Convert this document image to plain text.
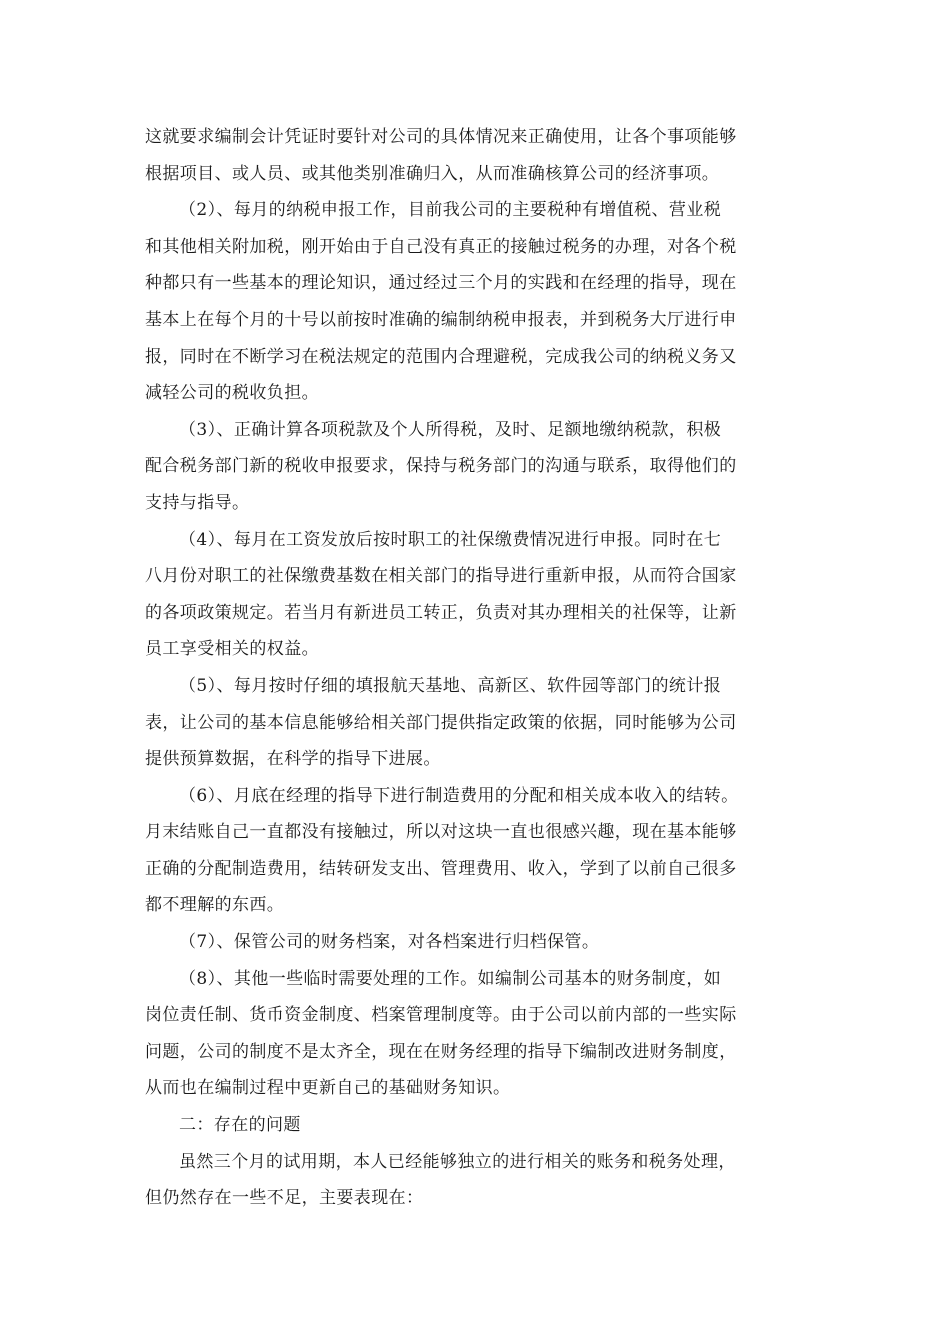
这就要求编制会计凭证时要针对公司的具体情况来正确使用，让各个事项能够
根据项目、或人员、或其他类别准确归入，从而准确核算公司的经济事项。

（2）、每月的纳税申报工作，目前我公司的主要税种有增值税、营业税
和其他相关附加税，刚开始由于自己没有真正的接触过税务的办理，对各个税
种都只有一些基本的理论知识，通过经过三个月的实践和在经理的指导，现在
基本上在每个月的十号以前按时准确的编制纳税申报表，并到税务大厅进行申
报，同时在不断学习在税法规定的范围内合理避税，完成我公司的纳税义务又
减轻公司的税收负担。

（3）、正确计算各项税款及个人所得税，及时、足额地缴纳税款，积极
配合税务部门新的税收申报要求，保持与税务部门的沟通与联系，取得他们的
支持与指导。

（4）、每月在工资发放后按时职工的社保缴费情况进行申报。同时在七
八月份对职工的社保缴费基数在相关部门的指导进行重新申报，从而符合国家
的各项政策规定。若当月有新进员工转正，负责对其办理相关的社保等，让新
员工享受相关的权益。

（5）、每月按时仔细的填报航天基地、高新区、软件园等部门的统计报
表，让公司的基本信息能够给相关部门提供指定政策的依据，同时能够为公司
提供预算数据，在科学的指导下进展。

（6）、月底在经理的指导下进行制造费用的分配和相关成本收入的结转。
月末结账自己一直都没有接触过，所以对这块一直也很感兴趣，现在基本能够
正确的分配制造费用，结转研发支出、管理费用、收入，学到了以前自己很多
都不理解的东西。

（7）、保管公司的财务档案，对各档案进行归档保管。

（8）、其他一些临时需要处理的工作。如编制公司基本的财务制度，如
岗位责任制、货币资金制度、档案管理制度等。由于公司以前内部的一些实际
问题，公司的制度不是太齐全，现在在财务经理的指导下编制改进财务制度，
从而也在编制过程中更新自己的基础财务知识。

二：存在的问题

虽然三个月的试用期，本人已经能够独立的进行相关的账务和税务处理，
但仍然存在一些不足，主要表现在：
